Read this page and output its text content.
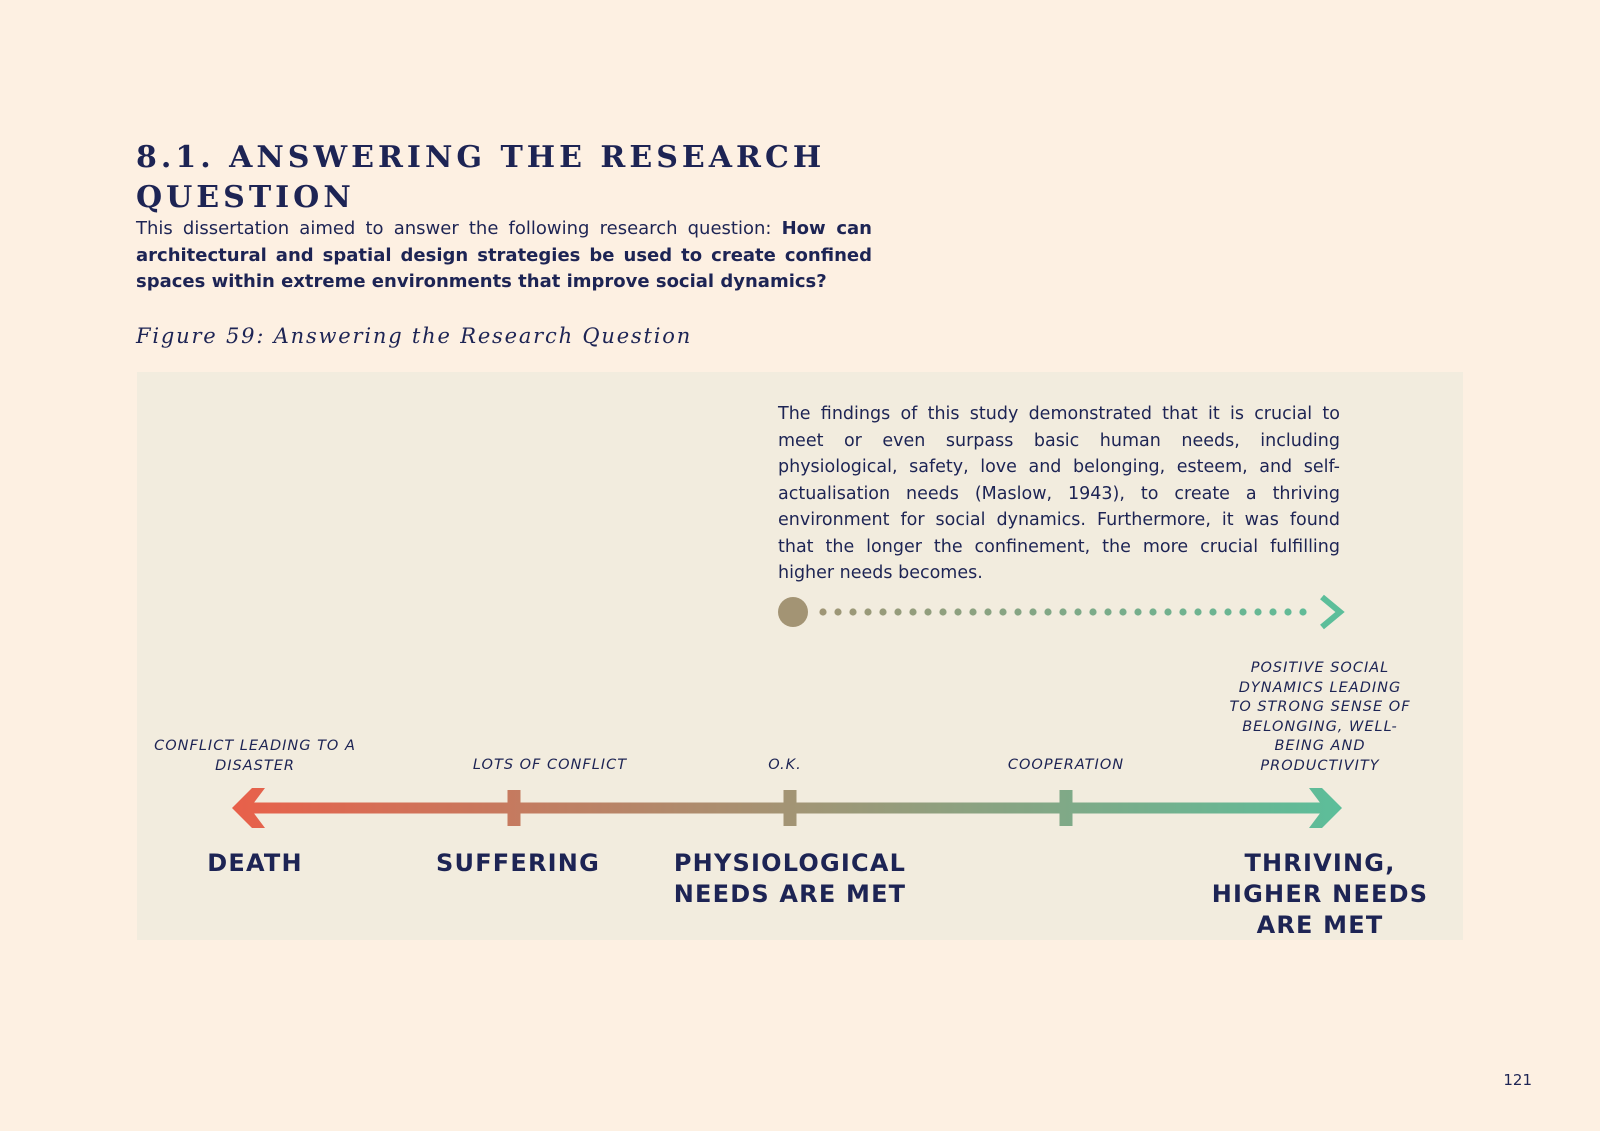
8.1. ANSWERING THE RESEARCH QUESTION

This dissertation aimed to answer the following research question: How can architectural and spatial design strategies be used to create confined spaces within extreme environments that improve social dynamics?

Figure 59: Answering the Research Question

The findings of this study demonstrated that it is crucial to meet or even surpass basic human needs, including physiological, safety, love and belonging, esteem, and self-actualisation needs (Maslow, 1943), to create a thriving environment for social dynamics. Furthermore, it was found that the longer the confinement, the more crucial fulfilling higher needs becomes.

CONFLICT LEADING TO A DISASTER
DEATH
LOTS OF CONFLICT
SUFFERING
O.K.
PHYSIOLOGICAL NEEDS ARE MET
COOPERATION
POSITIVE SOCIAL DYNAMICS LEADING TO STRONG SENSE OF BELONGING, WELL-BEING AND PRODUCTIVITY
THRIVING, HIGHER NEEDS ARE MET
121
